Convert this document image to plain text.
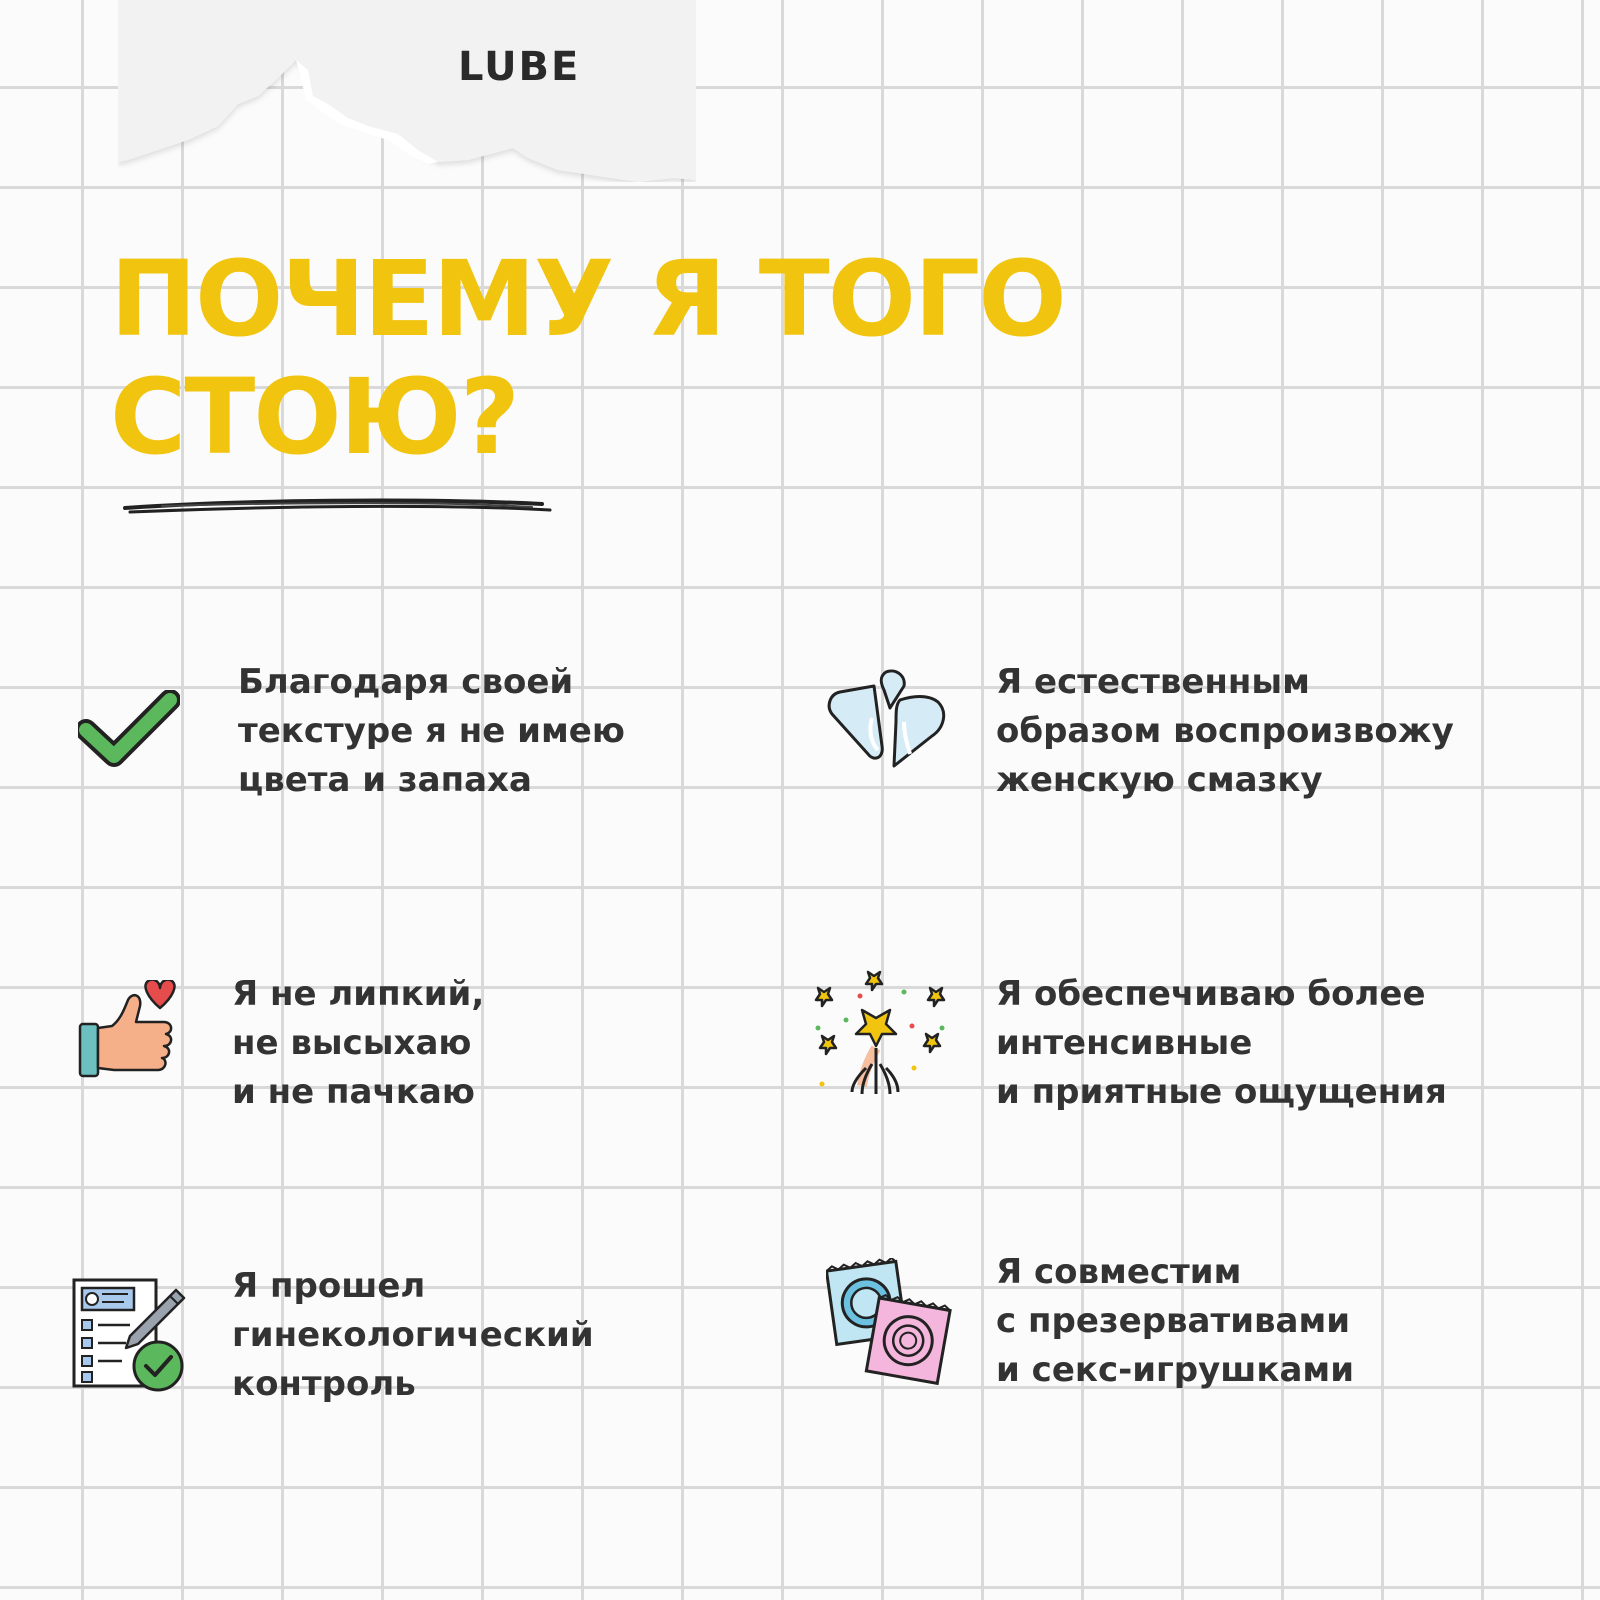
LUBE
ПОЧЕМУ Я ТОГО
СТОЮ?

Благодаря своей
текстуре я не имею
цвета и запаха

Я естественным
образом воспроизвожу
женскую смазку

Я не липкий,
не высыхаю
и не пачкаю

Я обеспечиваю более
интенсивные
и приятные ощущения

Я прошел
гинекологический
контроль

Я совместим
с презервативами
и секс-игрушками
